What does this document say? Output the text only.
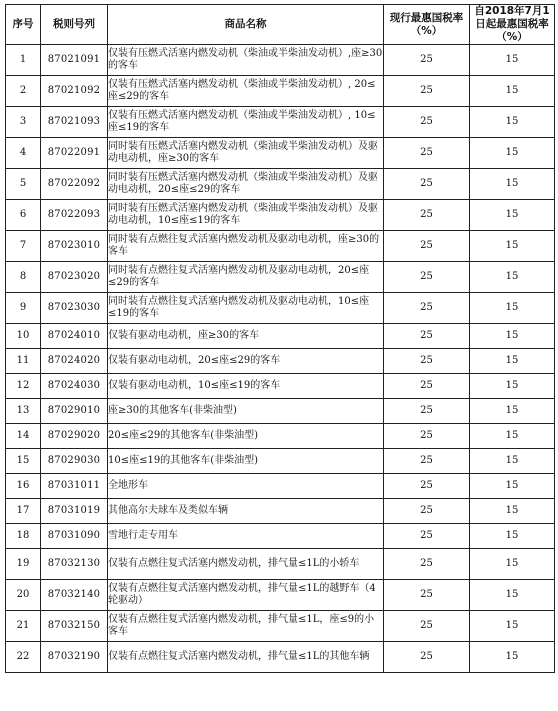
序号	税则号列	商品名称	现行最惠国税率（%）	自2018年7月1日起最惠国税率（%）
1	87021091	仅装有压燃式活塞内燃发动机（柴油或半柴油发动机）,座≥30的客车	25	15
2	87021092	仅装有压燃式活塞内燃发动机（柴油或半柴油发动机）, 20≤座≤29的客车	25	15
3	87021093	仅装有压燃式活塞内燃发动机（柴油或半柴油发动机）, 10≤座≤19的客车	25	15
4	87022091	同时装有压燃式活塞内燃发动机（柴油或半柴油发动机）及驱动电动机，座≥30的客车	25	15
5	87022092	同时装有压燃式活塞内燃发动机（柴油或半柴油发动机）及驱动电动机，20≤座≤29的客车	25	15
6	87022093	同时装有压燃式活塞内燃发动机（柴油或半柴油发动机）及驱动电动机，10≤座≤19的客车	25	15
7	87023010	同时装有点燃往复式活塞内燃发动机及驱动电动机，座≥30的客车	25	15
8	87023020	同时装有点燃往复式活塞内燃发动机及驱动电动机，20≤座≤29的客车	25	15
9	87023030	同时装有点燃往复式活塞内燃发动机及驱动电动机，10≤座≤19的客车	25	15
10	87024010	仅装有驱动电动机，座≥30的客车	25	15
11	87024020	仅装有驱动电动机，20≤座≤29的客车	25	15
12	87024030	仅装有驱动电动机，10≤座≤19的客车	25	15
13	87029010	座≥30的其他客车(非柴油型)	25	15
14	87029020	20≤座≤29的其他客车(非柴油型)	25	15
15	87029030	10≤座≤19的其他客车(非柴油型)	25	15
16	87031011	全地形车	25	15
17	87031019	其他高尔夫球车及类似车辆	25	15
18	87031090	雪地行走专用车	25	15
19	87032130	仅装有点燃往复式活塞内燃发动机，排气量≤1L的小轿车	25	15
20	87032140	仅装有点燃往复式活塞内燃发动机，排气量≤1L的越野车（4轮驱动）	25	15
21	87032150	仅装有点燃往复式活塞内燃发动机，排气量≤1L，座≤9的小客车	25	15
22	87032190	仅装有点燃往复式活塞内燃发动机，排气量≤1L的其他车辆	25	15
